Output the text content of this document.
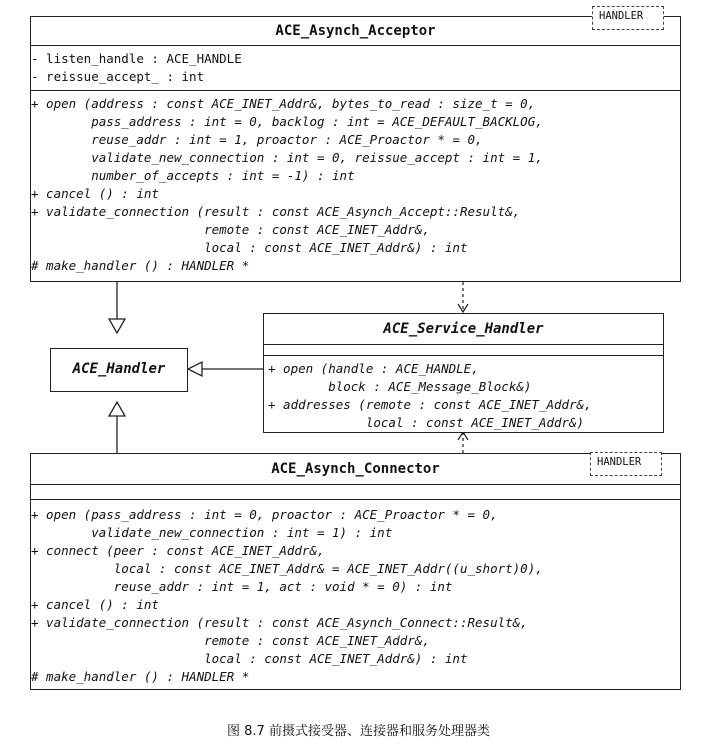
ACE_Asynch_Acceptor
- listen_handle : ACE_HANDLE
- reissue_accept_ : int
+ open (address : const ACE_INET_Addr&, bytes_to_read : size_t = 0,
pass_address : int = 0, backlog : int = ACE_DEFAULT_BACKLOG,
reuse_addr : int = 1, proactor : ACE_Proactor * = 0,
validate_new_connection : int = 0, reissue_accept : int = 1,
number_of_accepts : int = -1) : int
+ cancel () : int
+ validate_connection (result : const ACE_Asynch_Accept::Result&,
remote : const ACE_INET_Addr&,
local : const ACE_INET_Addr&) : int
# make_handler () : HANDLER *
HANDLER
ACE_Handler
ACE_Service_Handler
+ open (handle : ACE_HANDLE,
block : ACE_Message_Block&)
+ addresses (remote : const ACE_INET_Addr&,
local : const ACE_INET_Addr&)
ACE_Asynch_Connector
+ open (pass_address : int = 0, proactor : ACE_Proactor * = 0,
validate_new_connection : int = 1) : int
+ connect (peer : const ACE_INET_Addr&,
local : const ACE_INET_Addr& = ACE_INET_Addr((u_short)0),
reuse_addr : int = 1, act : void * = 0) : int
+ cancel () : int
+ validate_connection (result : const ACE_Asynch_Connect::Result&,
remote : const ACE_INET_Addr&,
local : const ACE_INET_Addr&) : int
# make_handler () : HANDLER *
HANDLER
图 8.7 前摄式接受器、连接器和服务处理器类
